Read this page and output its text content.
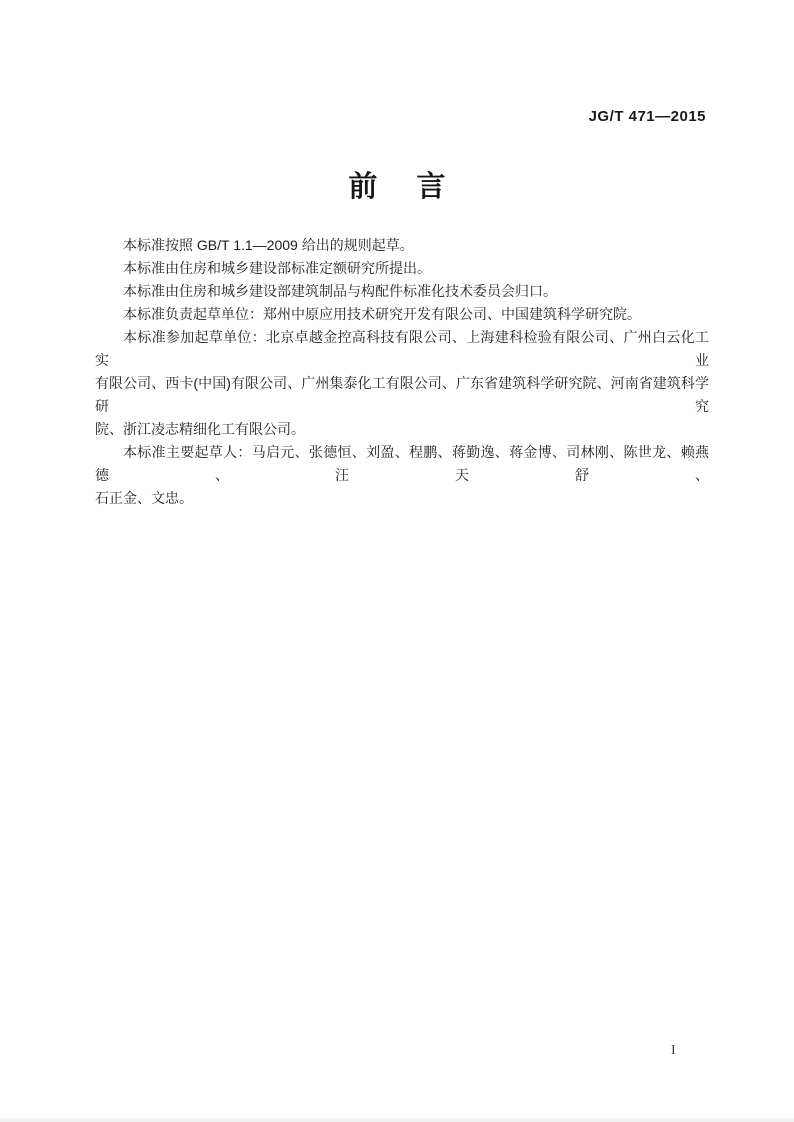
JG/T 471—2015
前言
本标准按照 GB/T 1.1—2009 给出的规则起草。
本标准由住房和城乡建设部标准定额研究所提出。
本标准由住房和城乡建设部建筑制品与构配件标准化技术委员会归口。
本标准负责起草单位：郑州中原应用技术研究开发有限公司、中国建筑科学研究院。
本标准参加起草单位：北京卓越金控高科技有限公司、上海建科检验有限公司、广州白云化工实业
有限公司、西卡(中国)有限公司、广州集泰化工有限公司、广东省建筑科学研究院、河南省建筑科学研究
院、浙江凌志精细化工有限公司。
本标准主要起草人：马启元、张德恒、刘盈、程鹏、蒋勤逸、蒋金博、司林刚、陈世龙、赖燕德、汪天舒、
石正金、文忠。
I
